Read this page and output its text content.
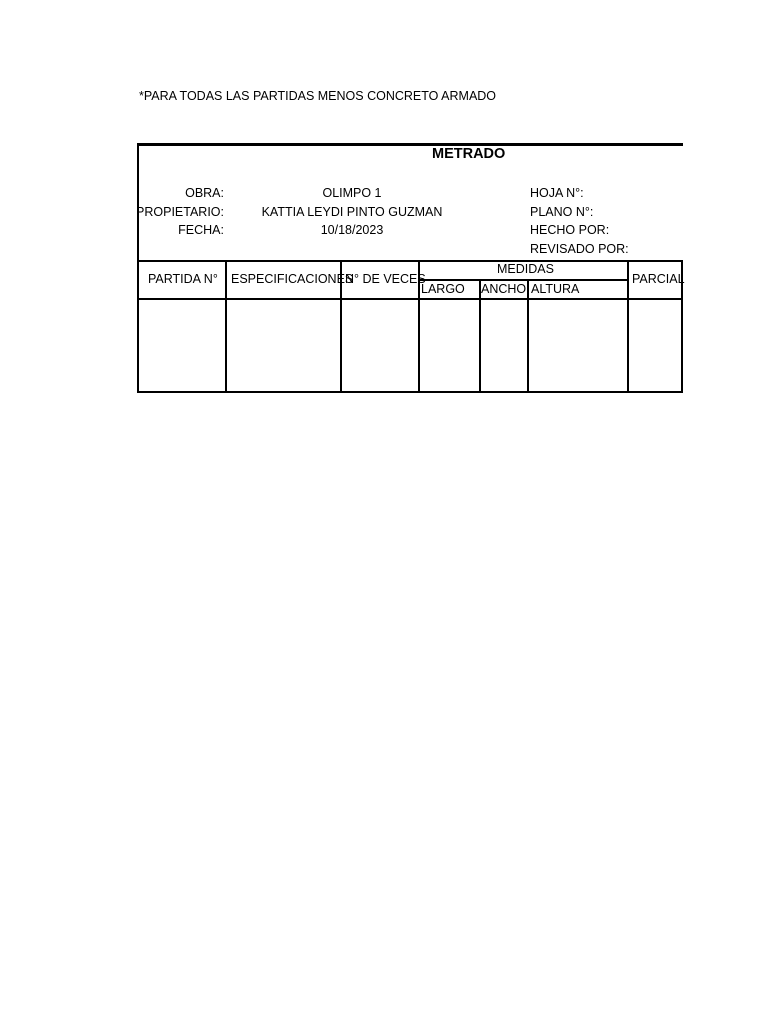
*PARA TODAS LAS PARTIDAS MENOS CONCRETO ARMADO
METRADO
OBRA:
PROPIETARIO:
FECHA:
OLIMPO 1
KATTIA LEYDI PINTO GUZMAN
10/18/2023
HOJA N°:
PLANO N°:
HECHO POR:
REVISADO POR:
PARTIDA N° ESPECIFICACIONES
N° DE VECES
MEDIDAS
LARGO ANCHO ALTURA
PARCIAL
